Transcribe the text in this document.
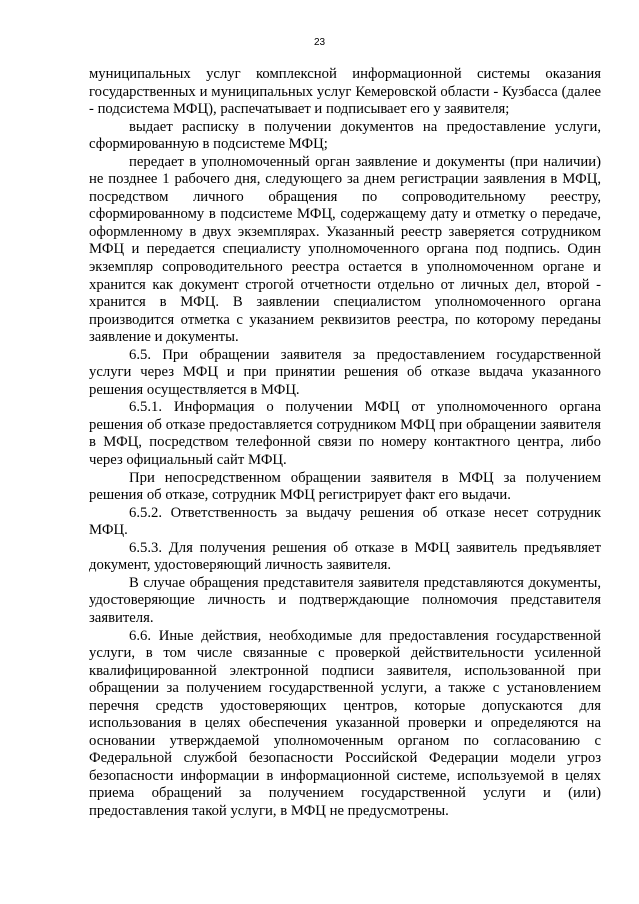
23

муниципальных услуг комплексной информационной системы оказания государственных и муниципальных услуг Кемеровской области - Кузбасса (далее - подсистема МФЦ), распечатывает и подписывает его у заявителя;

выдает расписку в получении документов на предоставление услуги, сформированную в подсистеме МФЦ;

передает в уполномоченный орган заявление и документы (при наличии) не позднее 1 рабочего дня, следующего за днем регистрации заявления в МФЦ, посредством личного обращения по сопроводительному реестру, сформированному в подсистеме МФЦ, содержащему дату и отметку о передаче, оформленному в двух экземплярах. Указанный реестр заверяется сотрудником МФЦ и передается специалисту уполномоченного органа под подпись. Один экземпляр сопроводительного реестра остается в уполномоченном органе и хранится как документ строгой отчетности отдельно от личных дел, второй - хранится в МФЦ. В заявлении специалистом уполномоченного органа производится отметка с указанием реквизитов реестра, по которому переданы заявление и документы.

6.5. При обращении заявителя за предоставлением государственной услуги через МФЦ и при принятии решения об отказе выдача указанного решения осуществляется в МФЦ.

6.5.1. Информация о получении МФЦ от уполномоченного органа решения об отказе предоставляется сотрудником МФЦ при обращении заявителя в МФЦ, посредством телефонной связи по номеру контактного центра, либо через официальный сайт МФЦ.

При непосредственном обращении заявителя в МФЦ за получением решения об отказе, сотрудник МФЦ регистрирует факт его выдачи.

6.5.2. Ответственность за выдачу решения об отказе несет сотрудник МФЦ.

6.5.3. Для получения решения об отказе в МФЦ заявитель предъявляет документ, удостоверяющий личность заявителя.

В случае обращения представителя заявителя представляются документы, удостоверяющие личность и подтверждающие полномочия представителя заявителя.

6.6. Иные действия, необходимые для предоставления государственной услуги, в том числе связанные с проверкой действительности усиленной квалифицированной электронной подписи заявителя, использованной при обращении за получением государственной услуги, а также с установлением перечня средств удостоверяющих центров, которые допускаются для использования в целях обеспечения указанной проверки и определяются на основании утверждаемой уполномоченным органом по согласованию с Федеральной службой безопасности Российской Федерации модели угроз безопасности информации в информационной системе, используемой в целях приема обращений за получением государственной услуги и (или) предоставления такой услуги, в МФЦ не предусмотрены.
